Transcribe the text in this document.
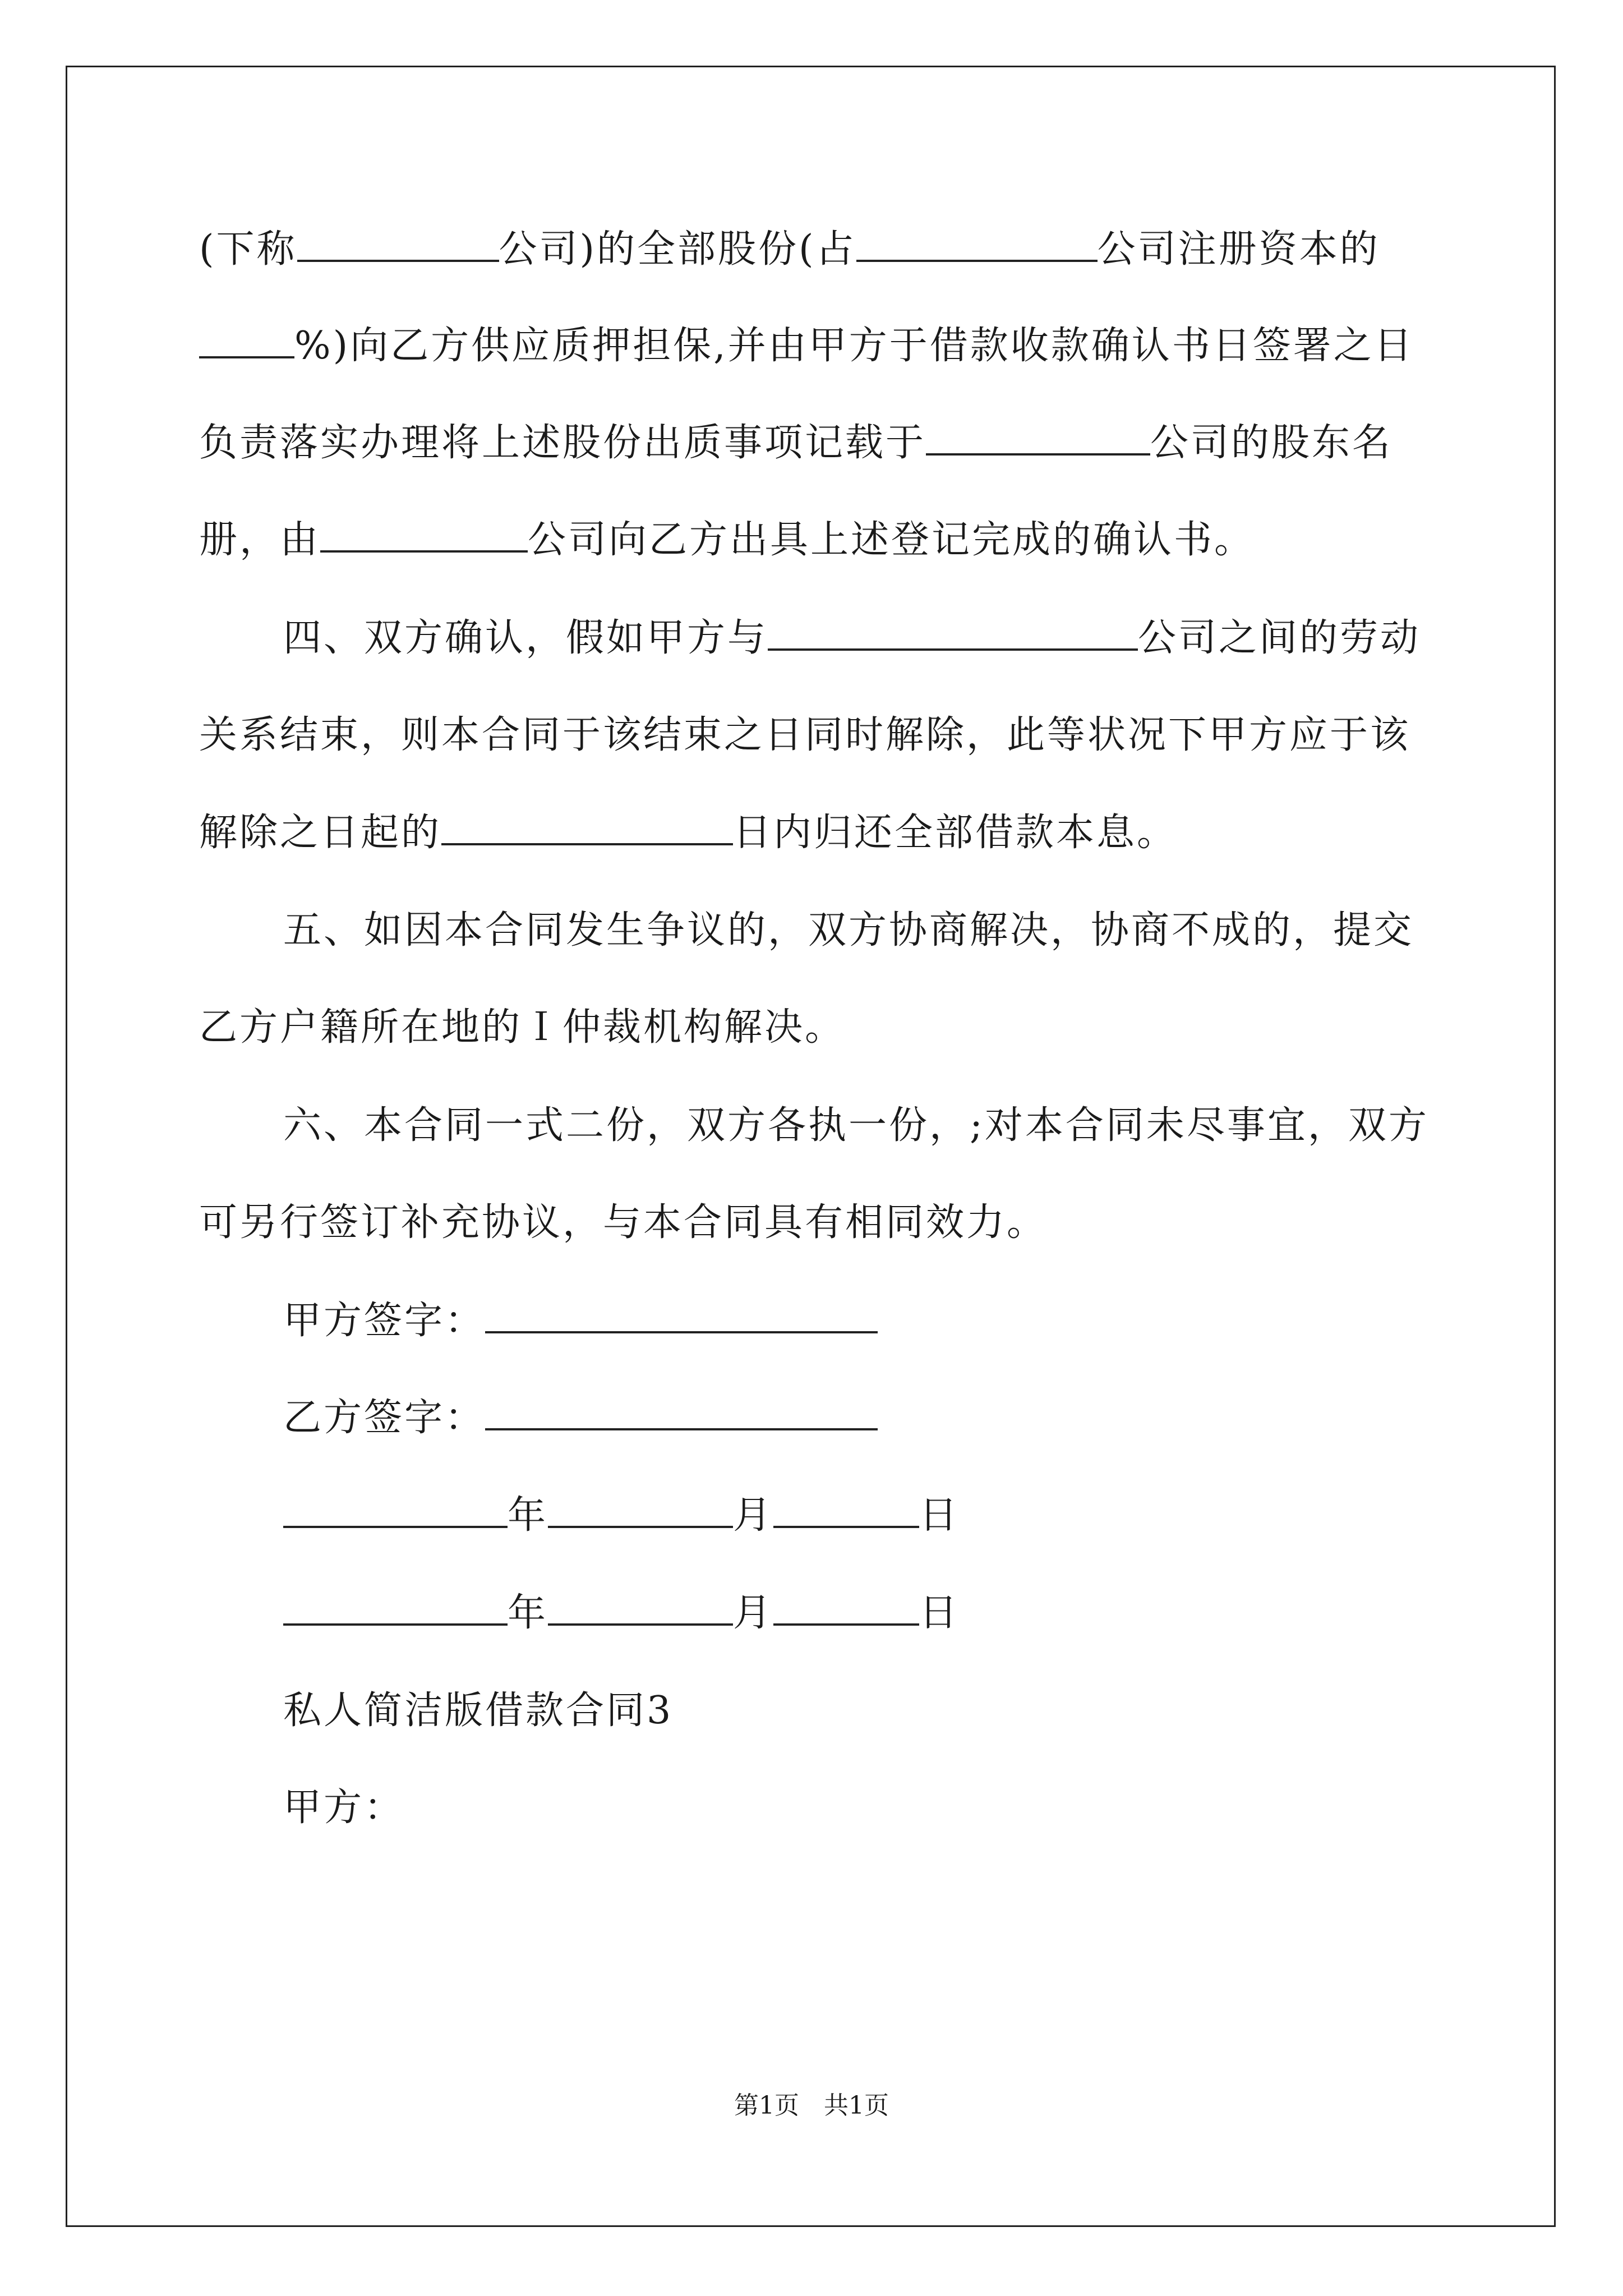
(下称	公司)的全部股份(占	公司注册资本的
%)向乙方供应质押担保,并由甲方于借款收款确认书日签署之日
负责落实办理将上述股份出质事项记载于	公司的股东名
册，由	公司向乙方出具上述登记完成的确认书。
四、双方确认，假如甲方与	公司之间的劳动
关系结束，则本合同于该结束之日同时解除，此等状况下甲方应于该
解除之日起的	日内归还全部借款本息。
五、如因本合同发生争议的，双方协商解决，协商不成的，提交
乙方户籍所在地的Ｉ仲裁机构解决。
六、本合同一式二份，双方各执一份，;对本合同未尽事宜，双方
可另行签订补充协议，与本合同具有相同效力。
甲方签字：
乙方签字：
年	月	日
年	月	日
私人简洁版借款合同3
甲方：
第1页　共1页
